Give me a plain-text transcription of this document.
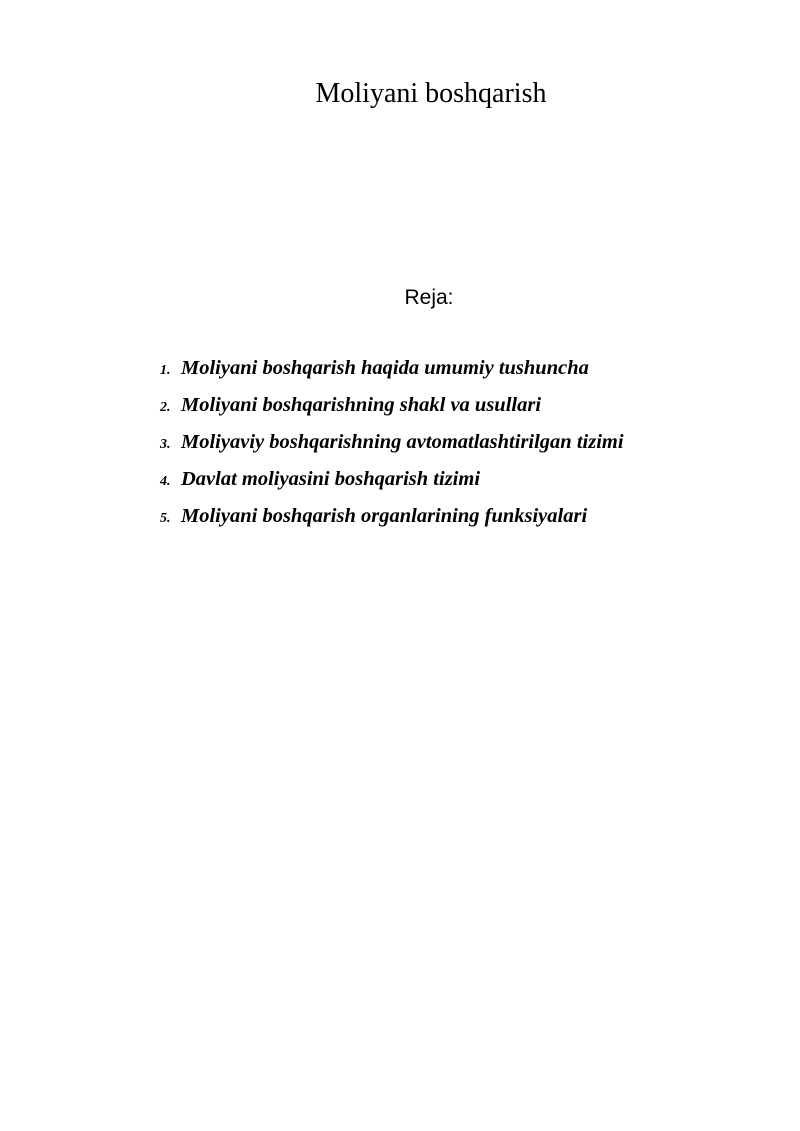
Moliyani boshqarish
Reja:
1. Moliyani boshqarish haqida umumiy tushuncha
2. Moliyani boshqarishning shakl va usullari
3. Moliyaviy boshqarishning avtomatlashtirilgan tizimi
4. Davlat moliyasini boshqarish tizimi
5. Moliyani boshqarish organlarining funksiyalari
